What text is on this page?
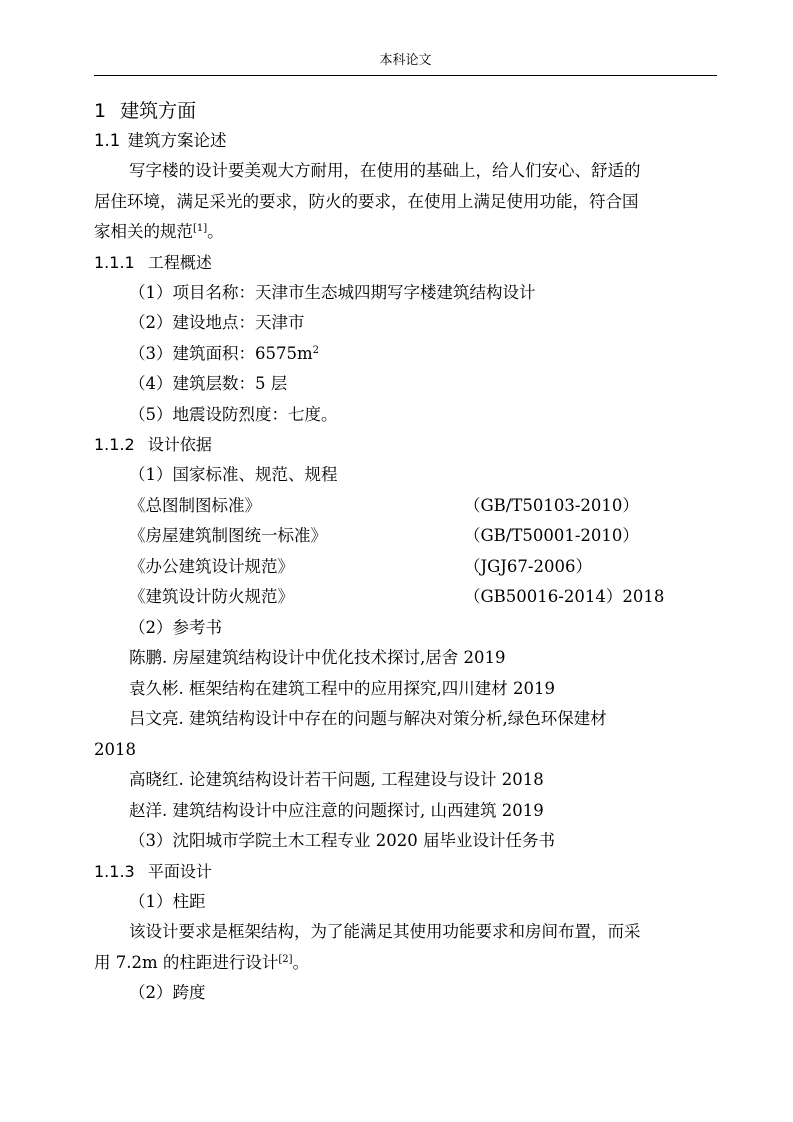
本科论文
1 建筑方面
1.1 建筑方案论述
写字楼的设计要美观大方耐用，在使用的基础上，给人们安心、舒适的
居住环境，满足采光的要求，防火的要求，在使用上满足使用功能，符合国
家相关的规范[1]。
1.1.1 工程概述
（1）项目名称：天津市生态城四期写字楼建筑结构设计
（2）建设地点：天津市
（3）建筑面积：$6575m^2$
（4）建筑层数：5 层
（5）地震设防烈度：七度。
1.1.2 设计依据
（1）国家标准、规范、规程
《总图制图标准》	（GB/T50103-2010）
《房屋建筑制图统一标准》	（GB/T50001-2010）
《办公建筑设计规范》	（JGJ67-2006）
《建筑设计防火规范》	（GB50016-2014）2018
（2）参考书
陈鹏. 房屋建筑结构设计中优化技术探讨,居舍 2019
袁久彬. 框架结构在建筑工程中的应用探究,四川建材 2019
吕文亮. 建筑结构设计中存在的问题与解决对策分析,绿色环保建材
2018
高晓红. 论建筑结构设计若干问题, 工程建设与设计 2018
赵洋. 建筑结构设计中应注意的问题探讨, 山西建筑 2019
（3）沈阳城市学院土木工程专业 2020 届毕业设计任务书
1.1.3 平面设计
（1）柱距
该设计要求是框架结构，为了能满足其使用功能要求和房间布置，而采
用 7.2m 的柱距进行设计[2]。
（2）跨度
